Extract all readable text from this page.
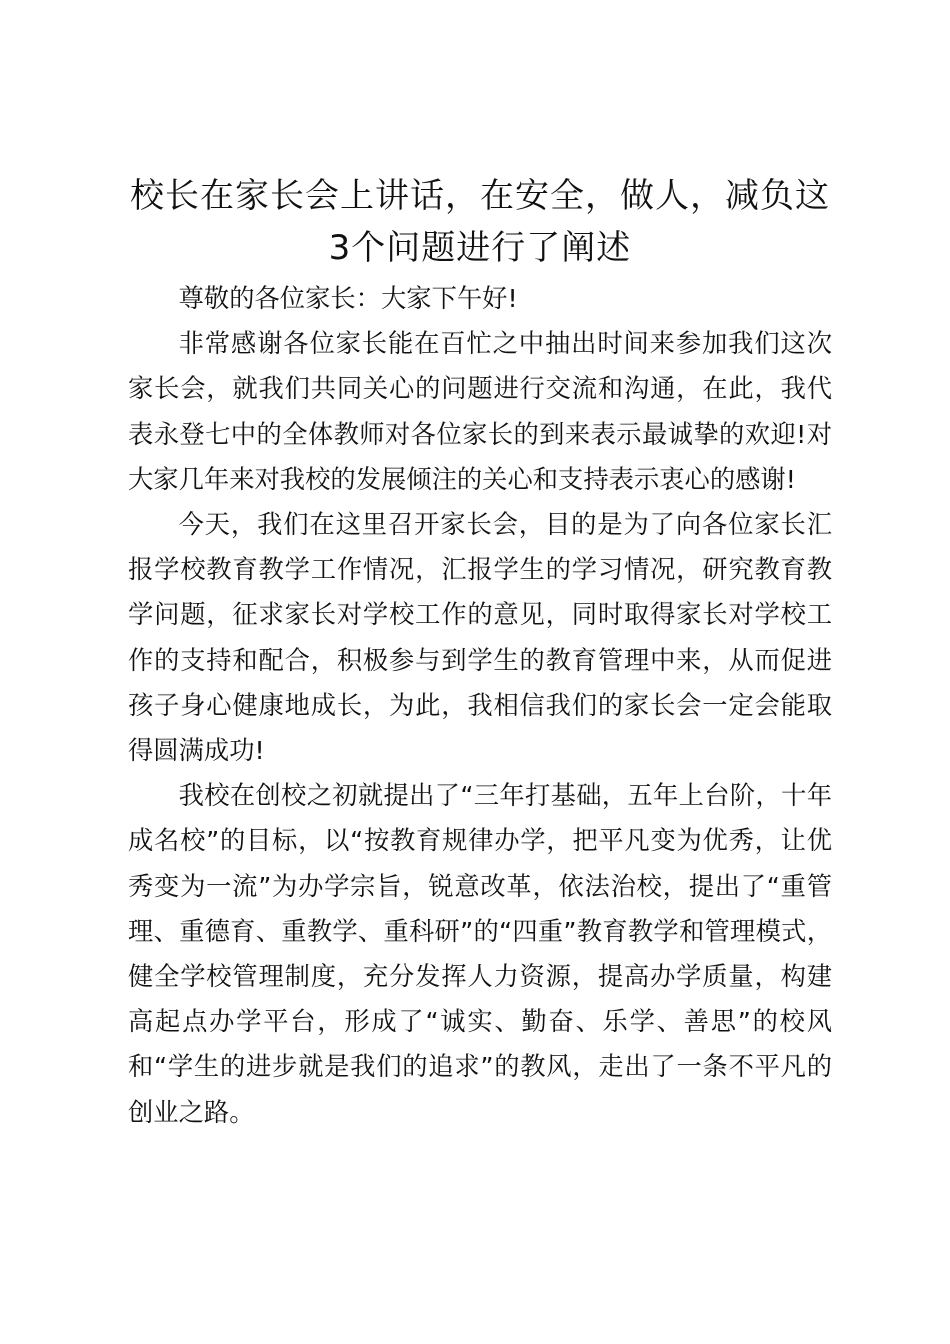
校长在家长会上讲话，在安全，做人，减负这3个问题进行了阐述

尊敬的各位家长：大家下午好!

非常感谢各位家长能在百忙之中抽出时间来参加我们这次家长会，就我们共同关心的问题进行交流和沟通，在此，我代表永登七中的全体教师对各位家长的到来表示最诚挚的欢迎!对大家几年来对我校的发展倾注的关心和支持表示衷心的感谢!

今天，我们在这里召开家长会，目的是为了向各位家长汇报学校教育教学工作情况，汇报学生的学习情况，研究教育教学问题，征求家长对学校工作的意见，同时取得家长对学校工作的支持和配合，积极参与到学生的教育管理中来，从而促进孩子身心健康地成长，为此，我相信我们的家长会一定会能取得圆满成功!

我校在创校之初就提出了“三年打基础，五年上台阶，十年成名校”的目标，以“按教育规律办学，把平凡变为优秀，让优秀变为一流”为办学宗旨，锐意改革，依法治校，提出了“重管理、重德育、重教学、重科研”的“四重”教育教学和管理模式，健全学校管理制度，充分发挥人力资源，提高办学质量，构建高起点办学平台，形成了“诚实、勤奋、乐学、善思”的校风和“学生的进步就是我们的追求”的教风，走出了一条不平凡的创业之路。
